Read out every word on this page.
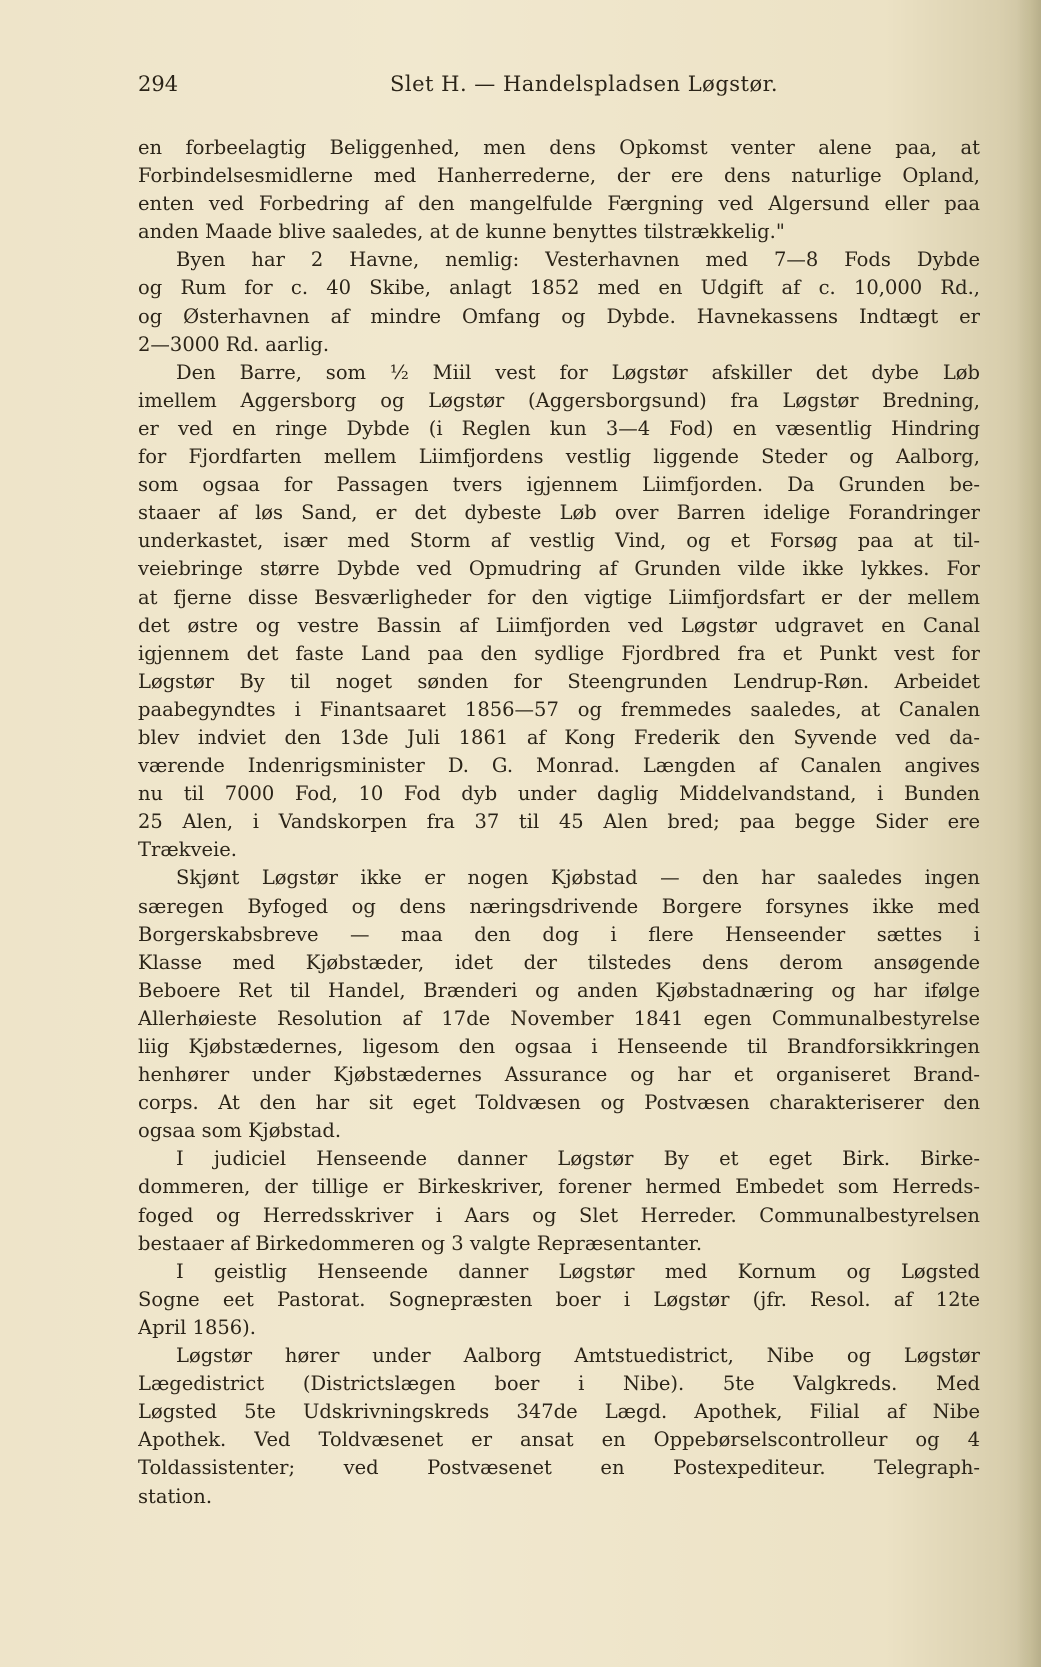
294	Slet H. — Handelspladsen Løgstør.
en forbeelagtig Beliggenhed, men dens Opkomst venter alene paa, at
Forbindelsesmidlerne med Hanherrederne, der ere dens naturlige Opland,
enten ved Forbedring af den mangelfulde Færgning ved Algersund eller paa
anden Maade blive saaledes, at de kunne benyttes tilstrækkelig."
Byen har 2 Havne, nemlig: Vesterhavnen med 7—8 Fods Dybde
og Rum for c. 40 Skibe, anlagt 1852 med en Udgift af c. 10,000 Rd.,
og Østerhavnen af mindre Omfang og Dybde. Havnekassens Indtægt er
2—3000 Rd. aarlig.
Den Barre, som ½ Miil vest for Løgstør afskiller det dybe Løb
imellem Aggersborg og Løgstør (Aggersborgsund) fra Løgstør Bredning,
er ved en ringe Dybde (i Reglen kun 3—4 Fod) en væsentlig Hindring
for Fjordfarten mellem Liimfjordens vestlig liggende Steder og Aalborg,
som ogsaa for Passagen tvers igjennem Liimfjorden. Da Grunden be-
staaer af løs Sand, er det dybeste Løb over Barren idelige Forandringer
underkastet, især med Storm af vestlig Vind, og et Forsøg paa at til-
veiebringe større Dybde ved Opmudring af Grunden vilde ikke lykkes. For
at fjerne disse Besværligheder for den vigtige Liimfjordsfart er der mellem
det østre og vestre Bassin af Liimfjorden ved Løgstør udgravet en Canal
igjennem det faste Land paa den sydlige Fjordbred fra et Punkt vest for
Løgstør By til noget sønden for Steengrunden Lendrup-Røn. Arbeidet
paabegyndtes i Finantsaaret 1856—57 og fremmedes saaledes, at Canalen
blev indviet den 13de Juli 1861 af Kong Frederik den Syvende ved da-
værende Indenrigsminister D. G. Monrad. Længden af Canalen angives
nu til 7000 Fod, 10 Fod dyb under daglig Middelvandstand, i Bunden
25 Alen, i Vandskorpen fra 37 til 45 Alen bred; paa begge Sider ere
Trækveie.
Skjønt Løgstør ikke er nogen Kjøbstad — den har saaledes ingen
særegen Byfoged og dens næringsdrivende Borgere forsynes ikke med
Borgerskabsbreve — maa den dog i flere Henseender sættes i
Klasse med Kjøbstæder, idet der tilstedes dens derom ansøgende
Beboere Ret til Handel, Brænderi og anden Kjøbstadnæring og har ifølge
Allerhøieste Resolution af 17de November 1841 egen Communalbestyrelse
liig Kjøbstædernes, ligesom den ogsaa i Henseende til Brandforsikkringen
henhører under Kjøbstædernes Assurance og har et organiseret Brand-
corps. At den har sit eget Toldvæsen og Postvæsen charakteriserer den
ogsaa som Kjøbstad.
I judiciel Henseende danner Løgstør By et eget Birk. Birke-
dommeren, der tillige er Birkeskriver, forener hermed Embedet som Herreds-
foged og Herredsskriver i Aars og Slet Herreder. Communalbestyrelsen
bestaaer af Birkedommeren og 3 valgte Repræsentanter.
I geistlig Henseende danner Løgstør med Kornum og Løgsted
Sogne eet Pastorat. Sognepræsten boer i Løgstør (jfr. Resol. af 12te
April 1856).
Løgstør hører under Aalborg Amtstuedistrict, Nibe og Løgstør
Lægedistrict (Districtslægen boer i Nibe). 5te Valgkreds. Med
Løgsted 5te Udskrivningskreds 347de Lægd. Apothek, Filial af Nibe
Apothek. Ved Toldvæsenet er ansat en Oppebørselscontrolleur og 4
Toldassistenter; ved Postvæsenet en Postexpediteur. Telegraph-
station.
